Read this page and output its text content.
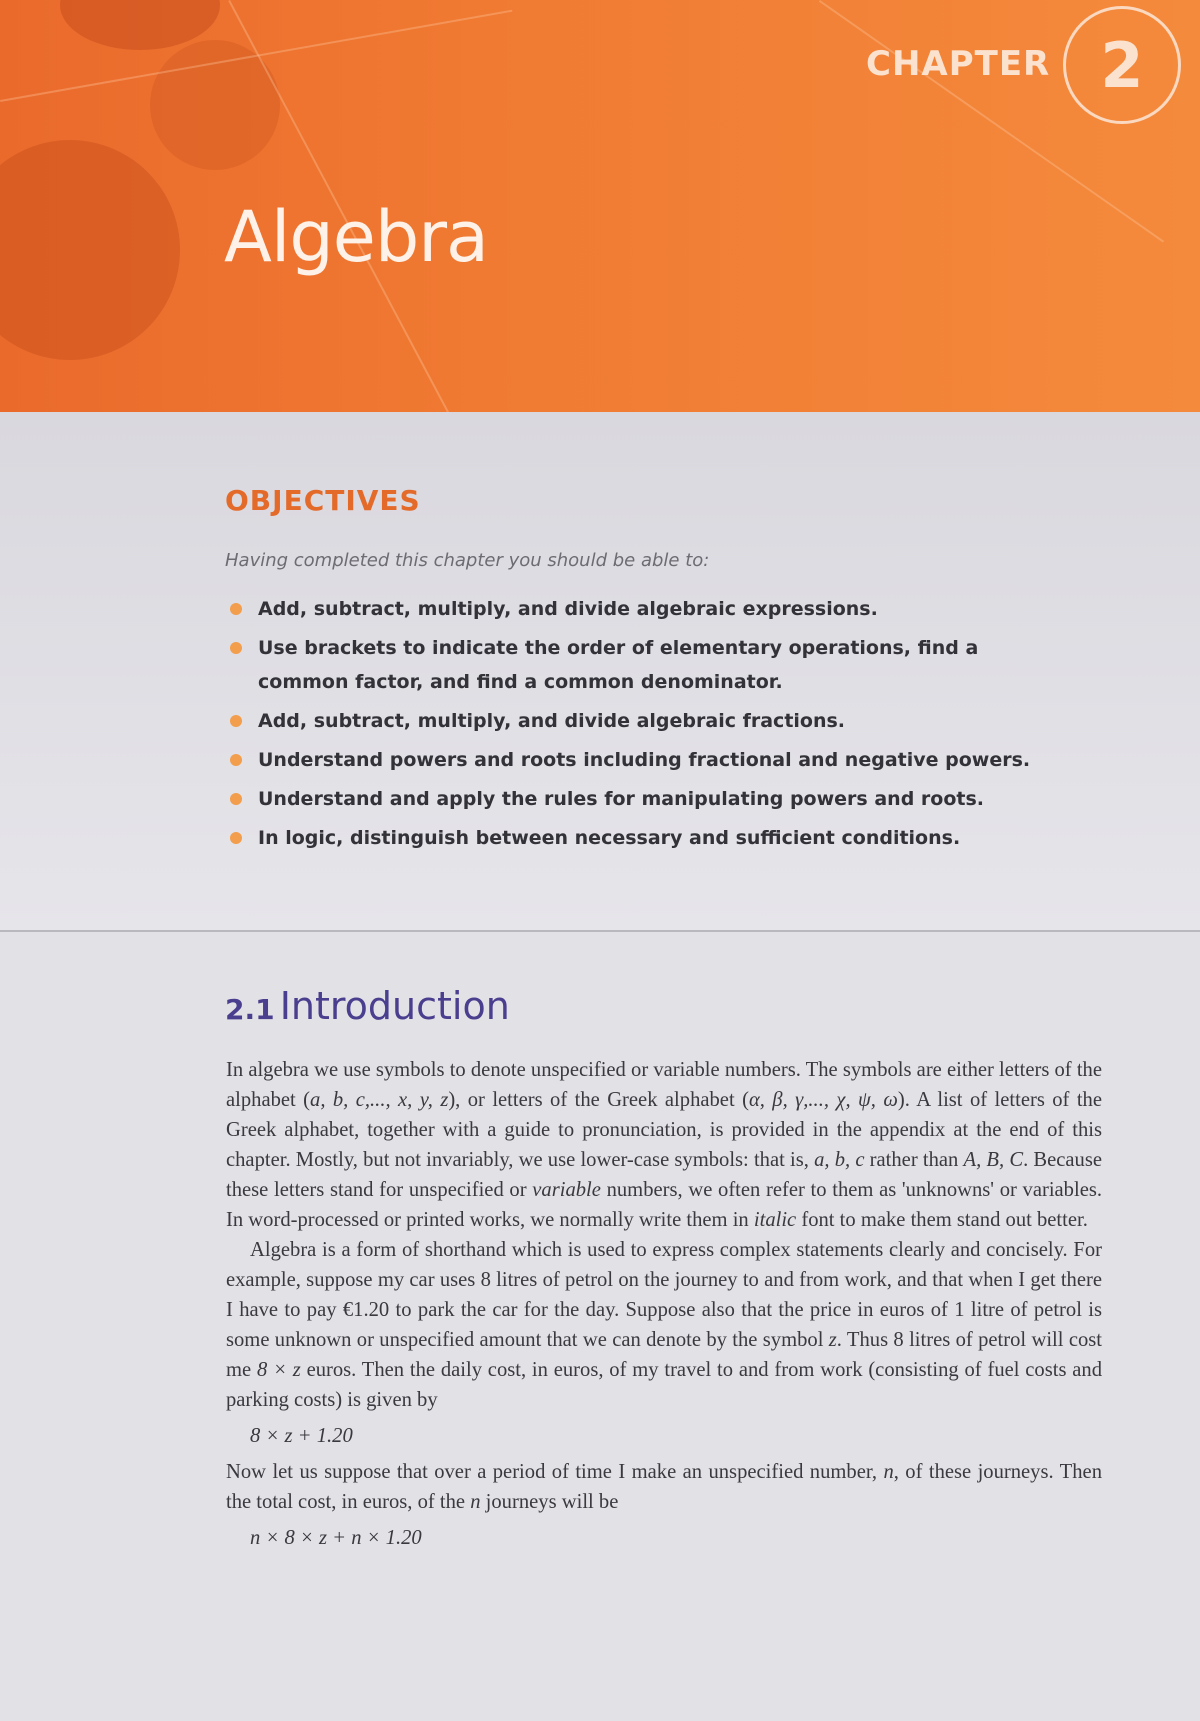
CHAPTER 2
Algebra
OBJECTIVES
Having completed this chapter you should be able to:
Add, subtract, multiply, and divide algebraic expressions.
Use brackets to indicate the order of elementary operations, find a common factor, and find a common denominator.
Add, subtract, multiply, and divide algebraic fractions.
Understand powers and roots including fractional and negative powers.
Understand and apply the rules for manipulating powers and roots.
In logic, distinguish between necessary and sufficient conditions.
2.1 Introduction

In algebra we use symbols to denote unspecified or variable numbers. The symbols are either letters of the alphabet (a, b, c,..., x, y, z), or letters of the Greek alphabet (α, β, γ,..., χ, ψ, ω). A list of letters of the Greek alphabet, together with a guide to pronunciation, is provided in the appendix at the end of this chapter. Mostly, but not invariably, we use lower-case symbols: that is, a, b, c rather than A, B, C. Because these letters stand for unspecified or variable numbers, we often refer to them as 'unknowns' or variables. In word-processed or printed works, we normally write them in italic font to make them stand out better.

Algebra is a form of shorthand which is used to express complex statements clearly and concisely. For example, suppose my car uses 8 litres of petrol on the journey to and from work, and that when I get there I have to pay €1.20 to park the car for the day. Suppose also that the price in euros of 1 litre of petrol is some unknown or unspecified amount that we can denote by the symbol z. Thus 8 litres of petrol will cost me 8 × z euros. Then the daily cost, in euros, of my travel to and from work (consisting of fuel costs and parking costs) is given by

8 × z + 1.20

Now let us suppose that over a period of time I make an unspecified number, n, of these journeys. Then the total cost, in euros, of the n journeys will be

n × 8 × z + n × 1.20
